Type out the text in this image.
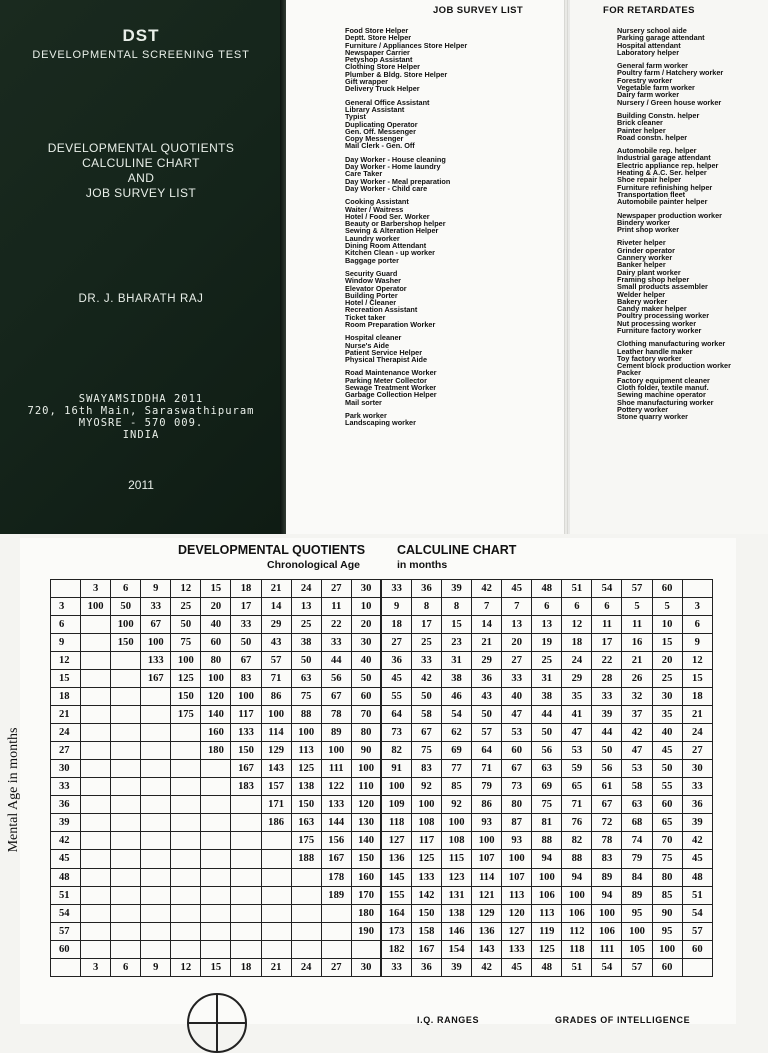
DST
DEVELOPMENTAL SCREENING TEST
DEVELOPMENTAL QUOTIENTS
CALCULINE CHART
AND
JOB SURVEY LIST
DR. J. BHARATH RAJ
SWAYAMSIDDHA 2011
720, 16th Main, Saraswathipuram
MYOSRE - 570 009.
INDIA
2011
JOB SURVEY LIST	FOR RETARDATES
Food Store Helper
Deptt. Store Helper
Furniture / Appliances Store Helper
Newspaper Carrier
Petyshop Assistant
Clothing Store Helper
Plumber & Bldg. Store Helper
Gift wrapper
Delivery Truck Helper
General Office Assistant
Library Assistant
Typist
Duplicating Operator
Gen. Off. Messenger
Copy Messenger
Mail Clerk - Gen. Off
Day Worker - House cleaning
Day Worker - Home laundry
Care Taker
Day Worker - Meal preparation
Day Worker - Child care
Cooking Assistant
Waiter / Waitress
Hotel / Food Ser. Worker
Beauty or Barbershop helper
Sewing & Alteration Helper
Laundry worker
Dining Room Attendant
Kitchen Clean - up worker
Baggage porter
Security Guard
Window Washer
Elevator Operator
Building Porter
Hotel / Cleaner
Recreation Assistant
Ticket taker
Room Preparation Worker
Hospital cleaner
Nurse's Aide
Patient Service Helper
Physical Therapist Aide
Road Maintenance Worker
Parking Meter Collector
Sewage Treatment Worker
Garbage Collection Helper
Mail sorter
Park worker
Landscaping worker
Nursery school aide
Parking garage attendant
Hospital attendant
Laboratory helper
General farm worker
Poultry farm / Hatchery worker
Forestry worker
Vegetable farm worker
Dairy farm worker
Nursery / Green house worker
Building Constn. helper
Brick cleaner
Painter helper
Road constn. helper
Automobile rep. helper
Industrial garage attendant
Electric appliance rep. helper
Heating & A.C. Ser. helper
Shoe repair helper
Furniture refinishing helper
Transportation fleet
Automobile painter helper
Newspaper production worker
Bindery worker
Print shop worker
Riveter helper
Grinder operator
Cannery worker
Banker helper
Dairy plant worker
Framing shop helper
Small products assembler
Welder helper
Bakery worker
Candy maker helper
Poultry processing worker
Nut processing worker
Furniture factory worker
Clothing manufacturing worker
Leather handle maker
Toy factory worker
Cement block production worker
Packer
Factory equipment cleaner
Cloth folder, textile manuf.
Sewing machine operator
Shoe manufacturing worker
Pottery worker
Stone quarry worker
DEVELOPMENTAL QUOTIENTS
Chronological Age
CALCULINE CHART
in months
Mental Age in months
	3	6	9	12	15	18	21	24	27	30	33	36	39	42	45	48	51	54	57	60	
3	100	50	33	25	20	17	14	13	11	10	9	8	8	7	7	6	6	6	5	5	3
6		100	67	50	40	33	29	25	22	20	18	17	15	14	13	13	12	11	11	10	6
9		150	100	75	60	50	43	38	33	30	27	25	23	21	20	19	18	17	16	15	9
12			133	100	80	67	57	50	44	40	36	33	31	29	27	25	24	22	21	20	12
15			167	125	100	83	71	63	56	50	45	42	38	36	33	31	29	28	26	25	15
18				150	120	100	86	75	67	60	55	50	46	43	40	38	35	33	32	30	18
21				175	140	117	100	88	78	70	64	58	54	50	47	44	41	39	37	35	21
24					160	133	114	100	89	80	73	67	62	57	53	50	47	44	42	40	24
27					180	150	129	113	100	90	82	75	69	64	60	56	53	50	47	45	27
30						167	143	125	111	100	91	83	77	71	67	63	59	56	53	50	30
33						183	157	138	122	110	100	92	85	79	73	69	65	61	58	55	33
36							171	150	133	120	109	100	92	86	80	75	71	67	63	60	36
39							186	163	144	130	118	108	100	93	87	81	76	72	68	65	39
42								175	156	140	127	117	108	100	93	88	82	78	74	70	42
45								188	167	150	136	125	115	107	100	94	88	83	79	75	45
48									178	160	145	133	123	114	107	100	94	89	84	80	48
51									189	170	155	142	131	121	113	106	100	94	89	85	51
54										180	164	150	138	129	120	113	106	100	95	90	54
57										190	173	158	146	136	127	119	112	106	100	95	57
60											182	167	154	143	133	125	118	111	105	100	60
	3	6	9	12	15	18	21	24	27	30	33	36	39	42	45	48	51	54	57	60	
I.Q. RANGES	GRADES OF INTELLIGENCE
